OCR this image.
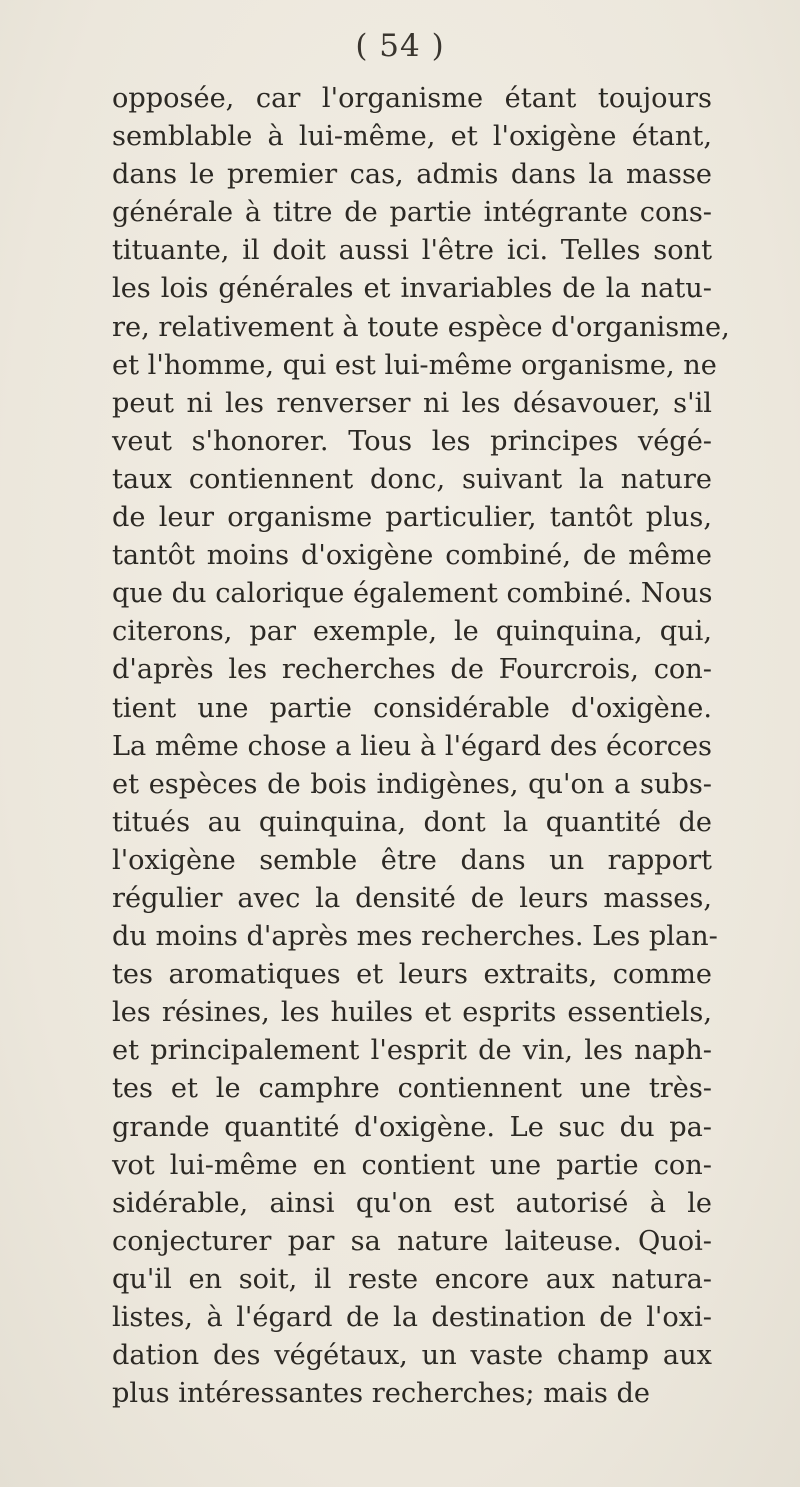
( 54 )
opposée, car l'organisme étant toujours
semblable à lui-même, et l'oxigène étant,
dans le premier cas, admis dans la masse
générale à titre de partie intégrante cons-
tituante, il doit aussi l'être ici. Telles sont
les lois générales et invariables de la natu-
re, relativement à toute espèce d'organisme,
et l'homme, qui est lui-même organisme, ne
peut ni les renverser ni les désavouer, s'il
veut s'honorer. Tous les principes végé-
taux contiennent donc, suivant la nature
de leur organisme particulier, tantôt plus,
tantôt moins d'oxigène combiné, de même
que du calorique également combiné. Nous
citerons, par exemple, le quinquina, qui,
d'après les recherches de Fourcrois, con-
tient une partie considérable d'oxigène.
La même chose a lieu à l'égard des écorces
et espèces de bois indigènes, qu'on a subs-
titués au quinquina, dont la quantité de
l'oxigène semble être dans un rapport
régulier avec la densité de leurs masses,
du moins d'après mes recherches. Les plan-
tes aromatiques et leurs extraits, comme
les résines, les huiles et esprits essentiels,
et principalement l'esprit de vin, les naph-
tes et le camphre contiennent une très-
grande quantité d'oxigène. Le suc du pa-
vot lui-même en contient une partie con-
sidérable, ainsi qu'on est autorisé à le
conjecturer par sa nature laiteuse. Quoi-
qu'il en soit, il reste encore aux natura-
listes, à l'égard de la destination de l'oxi-
dation des végétaux, un vaste champ aux
plus intéressantes recherches; mais de
